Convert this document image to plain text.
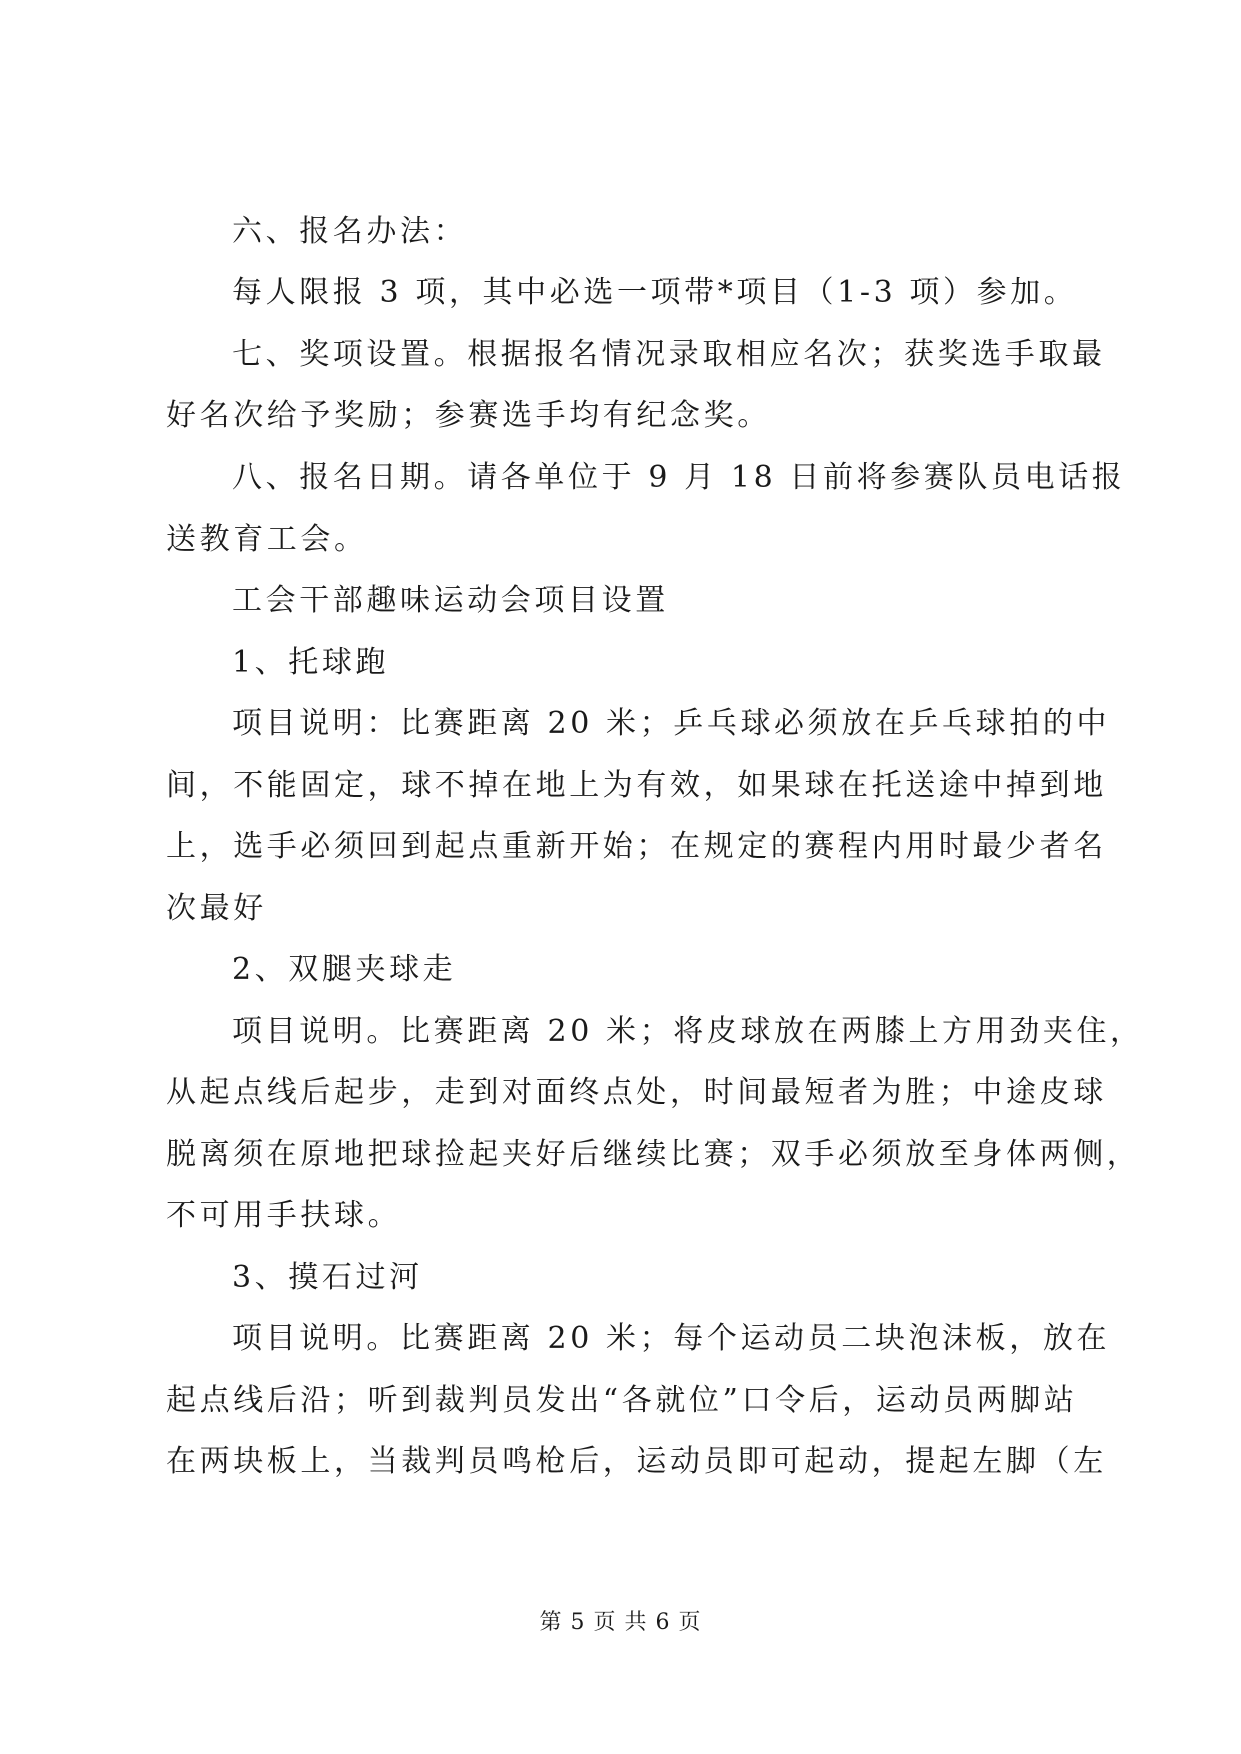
六、报名办法：
每人限报 3 项，其中必选一项带*项目（1-3 项）参加。
七、奖项设置。根据报名情况录取相应名次；获奖选手取最
好名次给予奖励；参赛选手均有纪念奖。
八、报名日期。请各单位于 9 月 18 日前将参赛队员电话报
送教育工会。
工会干部趣味运动会项目设置
1、托球跑
项目说明：比赛距离 20 米；乒乓球必须放在乒乓球拍的中
间，不能固定，球不掉在地上为有效，如果球在托送途中掉到地
上，选手必须回到起点重新开始；在规定的赛程内用时最少者名
次最好
2、双腿夹球走
项目说明。比赛距离 20 米；将皮球放在两膝上方用劲夹住，
从起点线后起步，走到对面终点处，时间最短者为胜；中途皮球
脱离须在原地把球捡起夹好后继续比赛；双手必须放至身体两侧，
不可用手扶球。
3、摸石过河
项目说明。比赛距离 20 米；每个运动员二块泡沫板，放在
起点线后沿；听到裁判员发出“各就位”口令后，运动员两脚站
在两块板上，当裁判员鸣枪后，运动员即可起动，提起左脚（左
第 5 页 共 6 页
